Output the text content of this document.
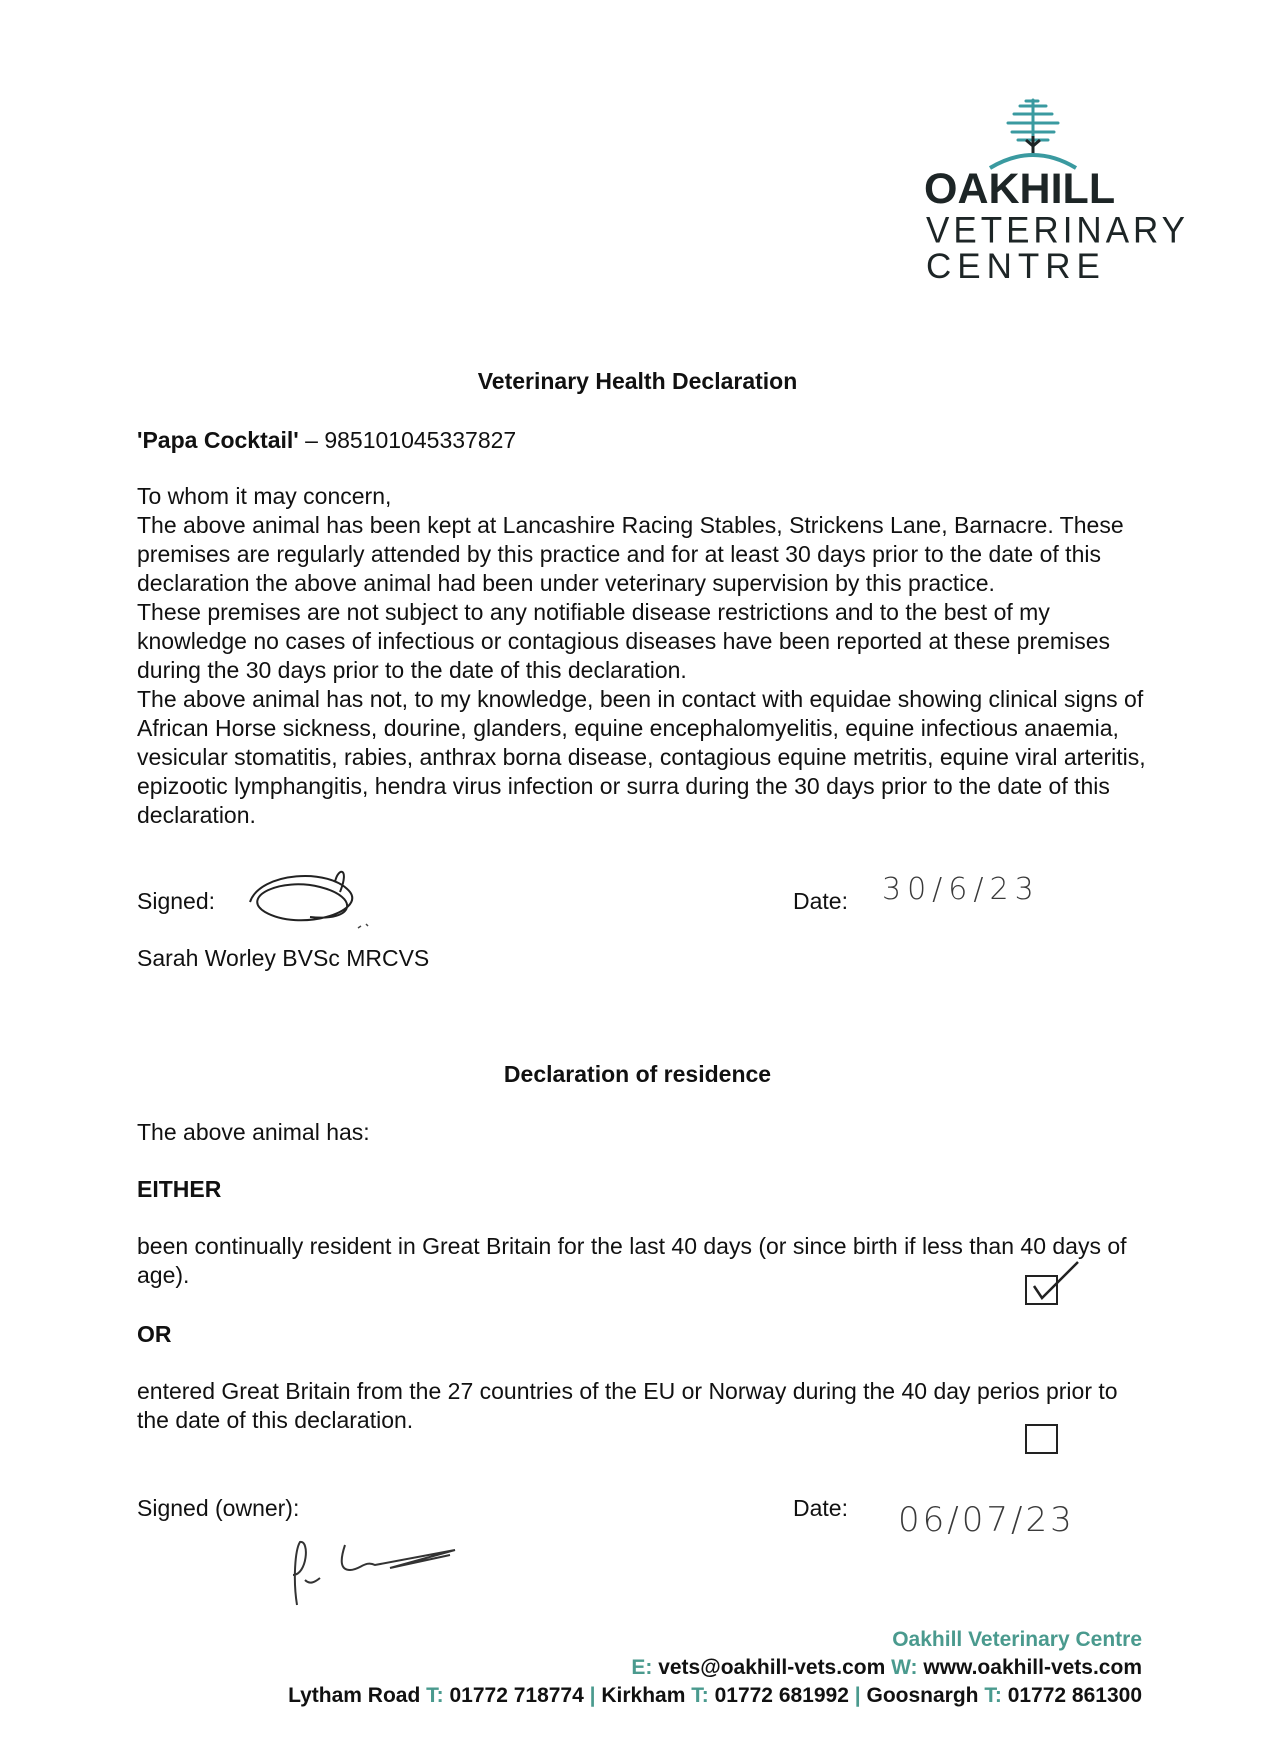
OAKHILL
VETERINARY
CENTRE
Veterinary Health Declaration
'Papa Cocktail' – 985101045337827

To whom it may concern,

The above animal has been kept at Lancashire Racing Stables, Strickens Lane, Barnacre. These premises are regularly attended by this practice and for at least 30 days prior to the date of this declaration the above animal had been under veterinary supervision by this practice.

These premises are not subject to any notifiable disease restrictions and to the best of my knowledge no cases of infectious or contagious diseases have been reported at these premises during the 30 days prior to the date of this declaration.

The above animal has not, to my knowledge, been in contact with equidae showing clinical signs of African Horse sickness, dourine, glanders, equine encephalomyelitis, equine infectious anaemia, vesicular stomatitis, rabies, anthrax borna disease, contagious equine metritis, equine viral arteritis, epizootic lymphangitis, hendra virus infection or surra during the 30 days prior to the date of this declaration.

Signed:	Date: 30/6/23
Sarah Worley BVSc MRCVS
Declaration of residence
The above animal has:
EITHER
been continually resident in Great Britain for the last 40 days (or since birth if less than 40 days of age).
OR
entered Great Britain from the 27 countries of the EU or Norway during the 40 day perios prior to the date of this declaration.
Signed (owner):	Date: 06/07/23
Oakhill Veterinary Centre
E: vets@oakhill-vets.com W: www.oakhill-vets.com
Lytham Road T: 01772 718774 | Kirkham T: 01772 681992 | Goosnargh T: 01772 861300
